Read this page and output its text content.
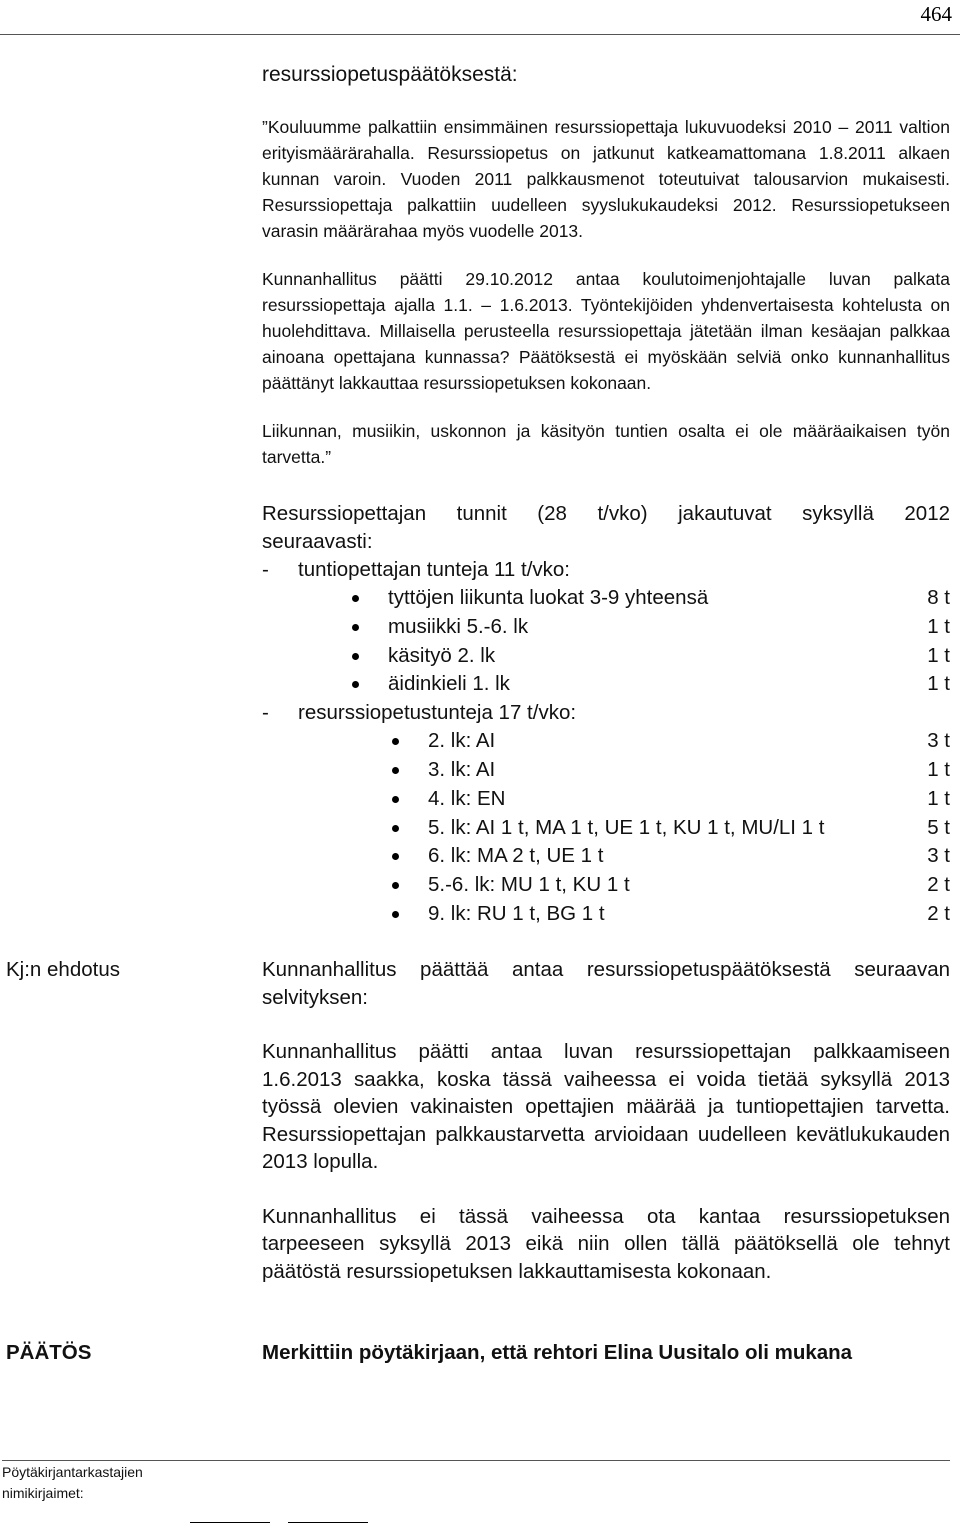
464

resurssiopetuspäätöksestä:

”Kouluumme palkattiin ensimmäinen resurssiopettaja lukuvuodeksi 2010 – 2011 valtion erityismäärärahalla. Resurssiopetus on jatkunut katkeamattomana 1.8.2011 alkaen kunnan varoin. Vuoden 2011 palkkausmenot toteutuivat talousarvion mukaisesti. Resurssiopettaja palkattiin uudelleen syyslukukaudeksi 2012. Resurssiopetukseen varasin määrärahaa myös vuodelle 2013.

Kunnanhallitus päätti 29.10.2012 antaa koulutoimenjohtajalle luvan palkata resurssiopettaja ajalla 1.1. – 1.6.2013. Työntekijöiden yhdenvertaisesta kohtelusta on huolehdittava. Millaisella perusteella resurssiopettaja jätetään ilman kesäajan palkkaa ainoana opettajana kunnassa? Päätöksestä ei myöskään selviä onko kunnanhallitus päättänyt lakkauttaa resurssiopetuksen kokonaan.

Liikunnan, musiikin, uskonnon ja käsityön tuntien osalta ei ole määräaikaisen työn tarvetta.”

Resurssiopettajan tunnit (28 t/vko) jakautuvat syksyllä 2012
seuraavasti:
- tuntiopettajan tunteja 11 t/vko:
tyttöjen liikunta luokat 3-9 yhteensä	8 t
musiikki 5.-6. lk	1 t
käsityö 2. lk	1 t
äidinkieli 1. lk	1 t
- resurssiopetustunteja 17 t/vko:
2. lk: AI	3 t
3. lk: AI	1 t
4. lk: EN	1 t
5. lk: AI 1 t, MA 1 t, UE 1 t, KU 1 t, MU/LI 1 t	5 t
6. lk: MA 2 t, UE 1 t	3 t
5.-6. lk: MU 1 t, KU 1 t	2 t
9. lk: RU 1 t, BG 1 t	2 t
Kj:n ehdotus	Kunnanhallitus päättää antaa resurssiopetuspäätöksestä seuraavan selvityksen:

Kunnanhallitus päätti antaa luvan resurssiopettajan palkkaamiseen 1.6.2013 saakka, koska tässä vaiheessa ei voida tietää syksyllä 2013 työssä olevien vakinaisten opettajien määrää ja tuntiopettajien tarvetta. Resurssiopettajan palkkaustarvetta arvioidaan uudelleen kevätlukukauden 2013 lopulla.

Kunnanhallitus ei tässä vaiheessa ota kantaa resurssiopetuksen tarpeeseen syksyllä 2013 eikä niin ollen tällä päätöksellä ole tehnyt päätöstä resurssiopetuksen lakkauttamisesta kokonaan.

PÄÄTÖS	Merkittiin pöytäkirjaan, että rehtori Elina Uusitalo oli mukana
Pöytäkirjantarkastajien
nimikirjaimet:
